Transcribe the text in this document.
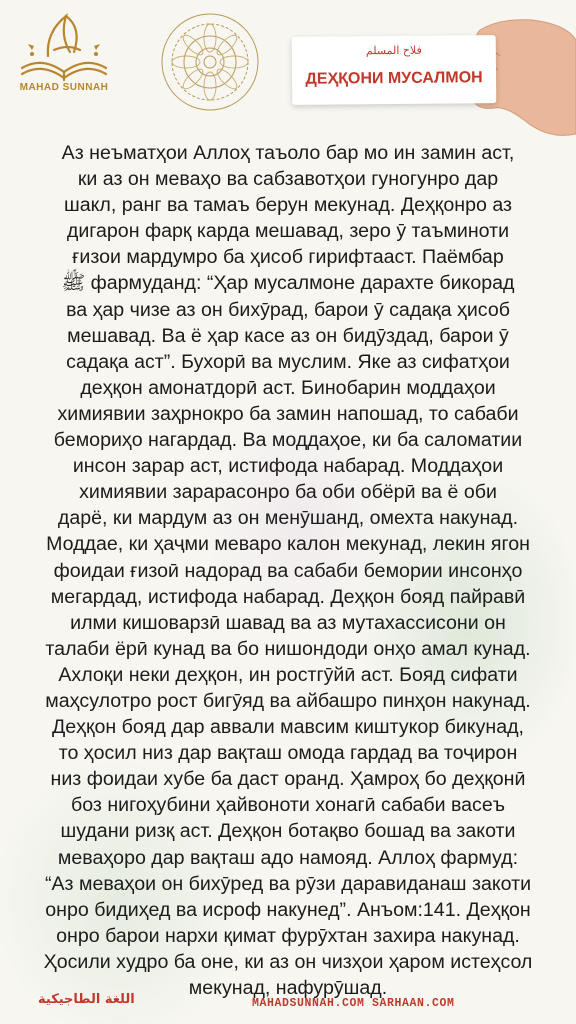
MAHAD SUNNAH
فلاح المسلم
ДЕҲҚОНИ МУСАЛМОН
Аз неъматҳои Аллоҳ таъоло бар мо ин замин аст,
ки аз он меваҳо ва сабзавотҳои гуногунро дар
шакл, ранг ва тамаъ берун мекунад. Деҳқонро аз
дигарон фарқ карда мешавад, зеро ӯ таъминоти
ғизои мардумро ба ҳисоб гирифтааст. Паёмбар
ﷺ фармуданд: “Ҳар мусалмоне дарахте бикорад
ва ҳар чизе аз он бихӯрад, барои ӯ садақа ҳисоб
мешавад. Ва ё ҳар касе аз он бидӯздад, барои ӯ
садақа аст”. Бухорӣ ва муслим. Яке аз сифатҳои
деҳқон амонатдорӣ аст. Бинобарин моддаҳои
химиявии заҳрнокро ба замин напошад, то сабаби
бемориҳо нагардад. Ва моддаҳое, ки ба саломатии
инсон зарар аст, истифода набарад. Моддаҳои
химиявии зарарасонро ба оби обёрӣ ва ё оби
дарё, ки мардум аз он менӯшанд, омехта накунад.
Моддае, ки ҳаҷми меваро калон мекунад, лекин ягон
фоидаи ғизоӣ надорад ва сабаби бемории инсонҳо
мегардад, истифода набарад. Деҳқон бояд пайравӣ
илми кишоварзӣ шавад ва аз мутахассисони он
талаби ёрӣ кунад ва бо нишондоди онҳо амал кунад.
Ахлоқи неки деҳқон, ин ростгӯйӣ аст. Бояд сифати
маҳсулотро рост бигӯяд ва айбашро пинҳон накунад.
Деҳқон бояд дар аввали мавсим киштукор бикунад,
то ҳосил низ дар вақташ омода гардад ва тоҷирон
низ фоидаи хубе ба даст оранд. Ҳамроҳ бо деҳқонӣ
боз нигоҳубини ҳайвоноти хонагӣ сабаби васеъ
шудани ризқ аст. Деҳқон ботақво бошад ва закоти
меваҳоро дар вақташ адо намояд. Аллоҳ фармуд:
“Аз меваҳои он бихӯред ва рӯзи даравиданаш закоти
онро бидиҳед ва исроф накунед”. Анъом:141. Деҳқон
онро барои нархи қимат фурӯхтан захира накунад.
Ҳосили худро ба оне, ки аз он чизҳои ҳаром истеҳсол
мекунад, нафурӯшад.
اللغة الطاجيكية	MAHADSUNNAH.COM SARHAAN.COM
